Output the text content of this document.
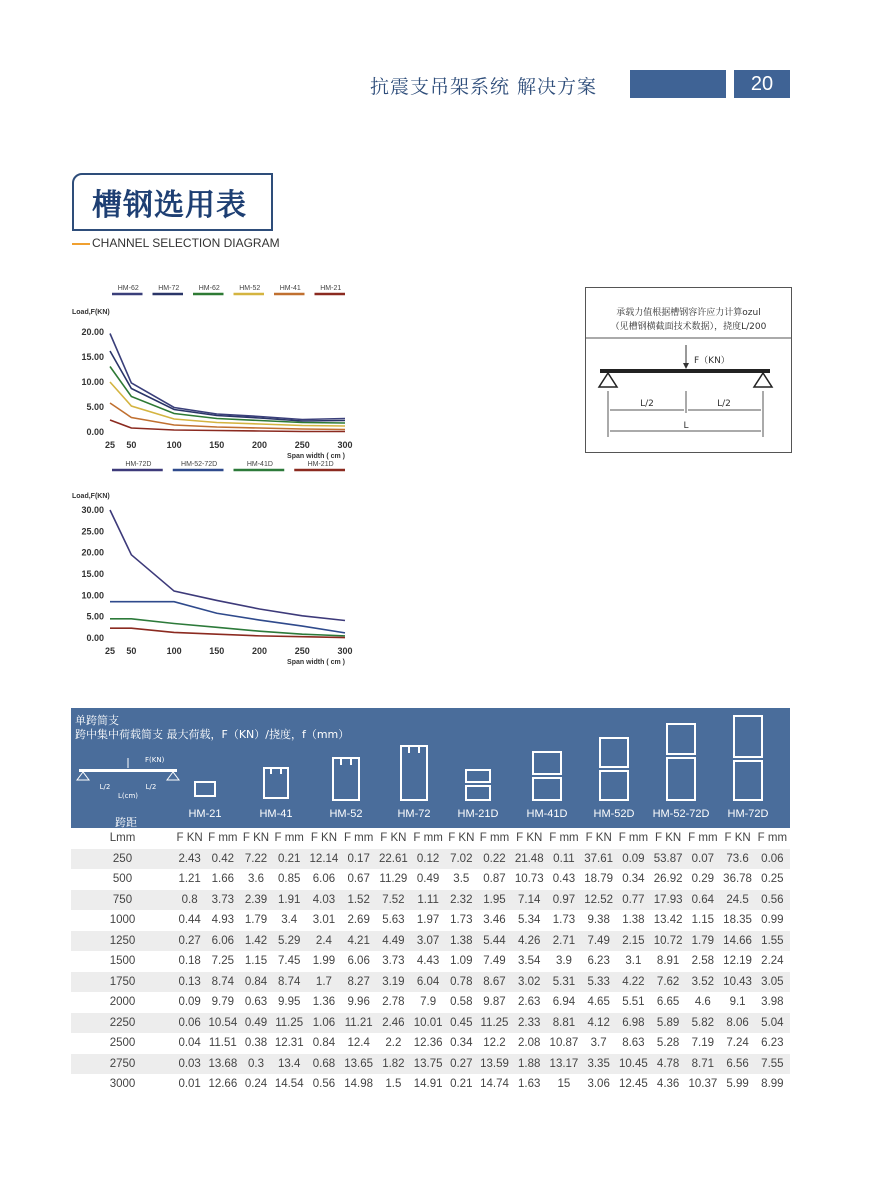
抗震支吊架系统 解决方案	20
槽钢选用表
CHANNEL SELECTION DIAGRAM
HM-62	HM-72	HM-62	HM-52	HM-41	HM-21
Load,F(KN)
20.00
15.00
10.00
5.00
0.00
25 50	100	150	200	250	300
Span width ( cm )
HM-72D	HM-52-72D	HM-41D	HM-21D
Load,F(KN)
30.00
25.00
20.00
15.00
10.00
5.00
0.00
25 50	100	150	200	250	300
Span width ( cm )
承载力值根据槽钢容许应力计算ozul
（见槽钢横截面技术数据），挠度L/200
F（KN）
L/2	L/2
L
单跨简支
跨中集中荷载简支 最大荷载，F（KN）/挠度，f（mm）
F(KN)
L/2	L/2
L(cm)
跨距
HM-21	HM-41	HM-52	HM-72	HM-21D	HM-41D	HM-52D	HM-52-72D	HM-72D
Lmm	F KN	F mm	F KN	F mm	F KN	F mm	F KN	F mm	F KN	F mm	F KN	F mm	F KN	F mm	F KN	F mm	F KN	F mm
250	2.43	0.42	7.22	0.21	12.14	0.17	22.61	0.12	7.02	0.22	21.48	0.11	37.61	0.09	53.87	0.07	73.6	0.06
500	1.21	1.66	3.6	0.85	6.06	0.67	11.29	0.49	3.5	0.87	10.73	0.43	18.79	0.34	26.92	0.29	36.78	0.25
750	0.8	3.73	2.39	1.91	4.03	1.52	7.52	1.11	2.32	1.95	7.14	0.97	12.52	0.77	17.93	0.64	24.5	0.56
1000	0.44	4.93	1.79	3.4	3.01	2.69	5.63	1.97	1.73	3.46	5.34	1.73	9.38	1.38	13.42	1.15	18.35	0.99
1250	0.27	6.06	1.42	5.29	2.4	4.21	4.49	3.07	1.38	5.44	4.26	2.71	7.49	2.15	10.72	1.79	14.66	1.55
1500	0.18	7.25	1.15	7.45	1.99	6.06	3.73	4.43	1.09	7.49	3.54	3.9	6.23	3.1	8.91	2.58	12.19	2.24
1750	0.13	8.74	0.84	8.74	1.7	8.27	3.19	6.04	0.78	8.67	3.02	5.31	5.33	4.22	7.62	3.52	10.43	3.05
2000	0.09	9.79	0.63	9.95	1.36	9.96	2.78	7.9	0.58	9.87	2.63	6.94	4.65	5.51	6.65	4.6	9.1	3.98
2250	0.06	10.54	0.49	11.25	1.06	11.21	2.46	10.01	0.45	11.25	2.33	8.81	4.12	6.98	5.89	5.82	8.06	5.04
2500	0.04	11.51	0.38	12.31	0.84	12.4	2.2	12.36	0.34	12.2	2.08	10.87	3.7	8.63	5.28	7.19	7.24	6.23
2750	0.03	13.68	0.3	13.4	0.68	13.65	1.82	13.75	0.27	13.59	1.88	13.17	3.35	10.45	4.78	8.71	6.56	7.55
3000	0.01	12.66	0.24	14.54	0.56	14.98	1.5	14.91	0.21	14.74	1.63	15	3.06	12.45	4.36	10.37	5.99	8.99
